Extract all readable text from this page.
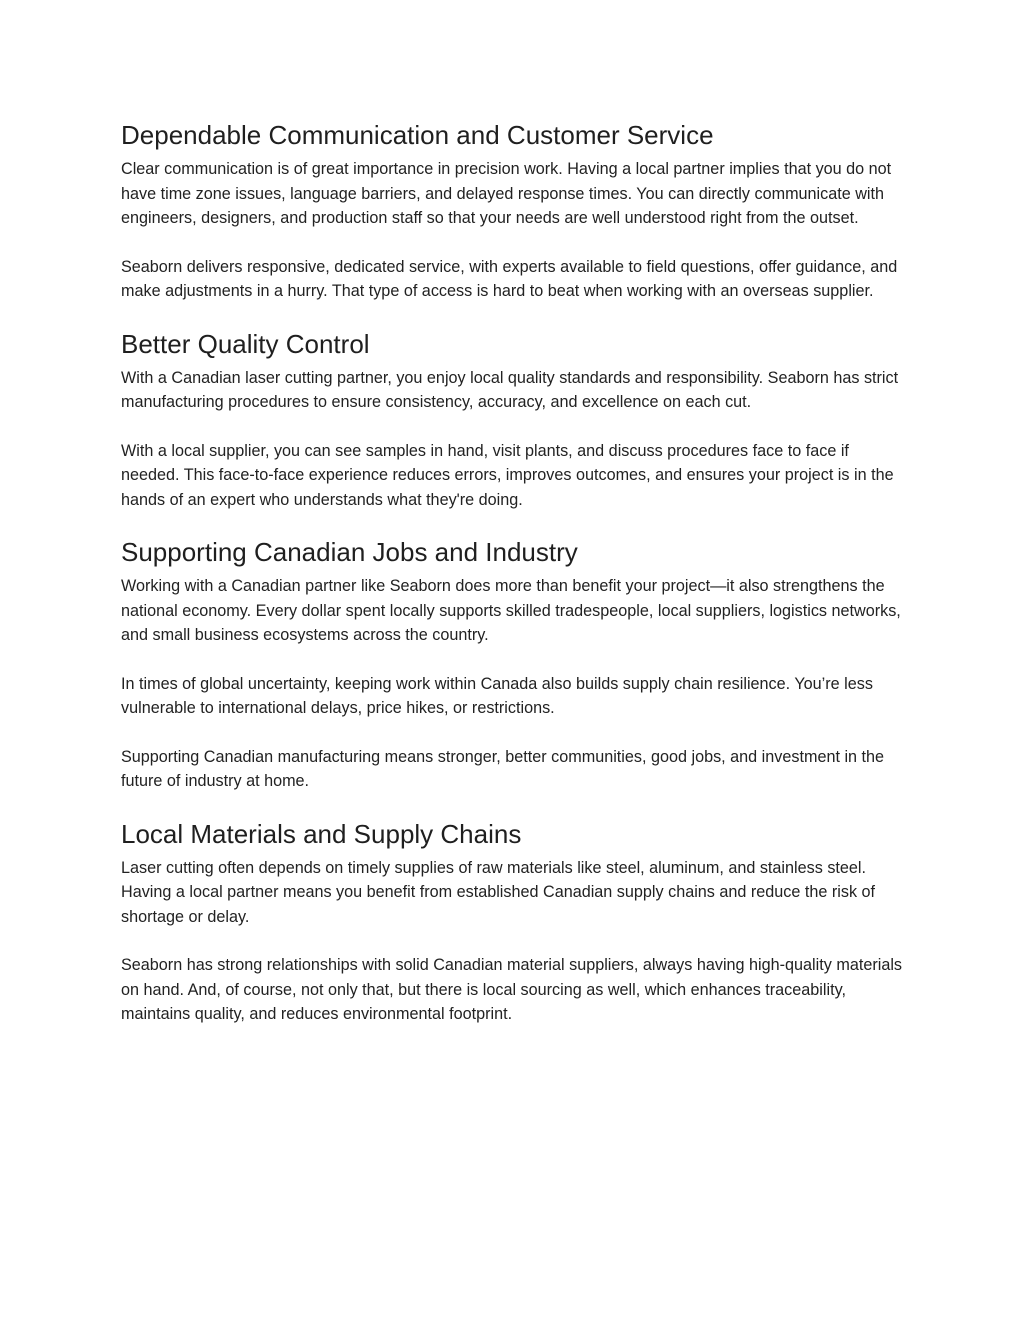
Dependable Communication and Customer Service

Clear communication is of great importance in precision work. Having a local partner implies that you do not have time zone issues, language barriers, and delayed response times. You can directly communicate with engineers, designers, and production staff so that your needs are well understood right from the outset.

Seaborn delivers responsive, dedicated service, with experts available to field questions, offer guidance, and make adjustments in a hurry. That type of access is hard to beat when working with an overseas supplier.

Better Quality Control

With a Canadian laser cutting partner, you enjoy local quality standards and responsibility. Seaborn has strict manufacturing procedures to ensure consistency, accuracy, and excellence on each cut.

With a local supplier, you can see samples in hand, visit plants, and discuss procedures face to face if needed. This face-to-face experience reduces errors, improves outcomes, and ensures your project is in the hands of an expert who understands what they're doing.

Supporting Canadian Jobs and Industry

Working with a Canadian partner like Seaborn does more than benefit your project—it also strengthens the national economy. Every dollar spent locally supports skilled tradespeople, local suppliers, logistics networks, and small business ecosystems across the country.

In times of global uncertainty, keeping work within Canada also builds supply chain resilience. You’re less vulnerable to international delays, price hikes, or restrictions.

Supporting Canadian manufacturing means stronger, better communities, good jobs, and investment in the future of industry at home.

Local Materials and Supply Chains

Laser cutting often depends on timely supplies of raw materials like steel, aluminum, and stainless steel. Having a local partner means you benefit from established Canadian supply chains and reduce the risk of shortage or delay.

Seaborn has strong relationships with solid Canadian material suppliers, always having high-quality materials on hand. And, of course, not only that, but there is local sourcing as well, which enhances traceability, maintains quality, and reduces environmental footprint.
